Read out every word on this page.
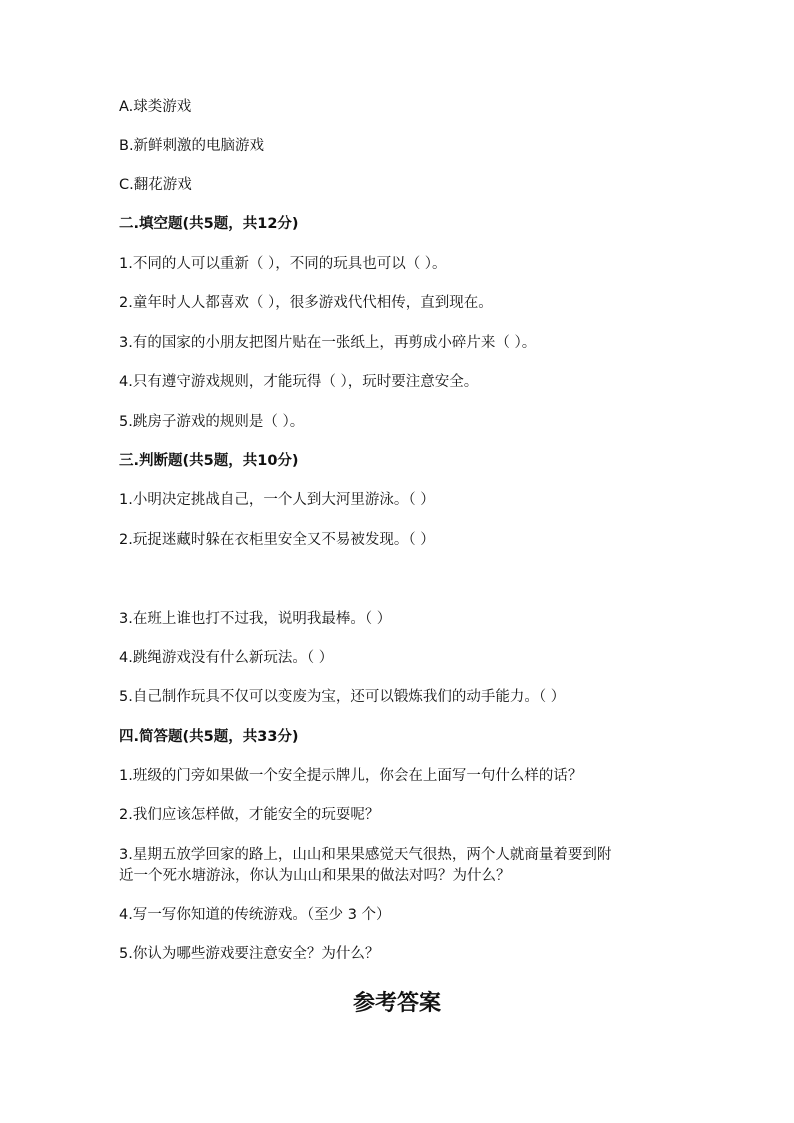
A.球类游戏
B.新鲜刺激的电脑游戏
C.翻花游戏
二.填空题(共5题，共12分)
1.不同的人可以重新（ ），不同的玩具也可以（ ）。
2.童年时人人都喜欢（ ），很多游戏代代相传，直到现在。
3.有的国家的小朋友把图片贴在一张纸上，再剪成小碎片来（ ）。
4.只有遵守游戏规则，才能玩得（ ），玩时要注意安全。
5.跳房子游戏的规则是（ ）。
三.判断题(共5题，共10分)
1.小明决定挑战自己，一个人到大河里游泳。（ ）
2.玩捉迷藏时躲在衣柜里安全又不易被发现。（ ）
3.在班上谁也打不过我，说明我最棒。（ ）
4.跳绳游戏没有什么新玩法。（ ）
5.自己制作玩具不仅可以变废为宝，还可以锻炼我们的动手能力。（ ）
四.简答题(共5题，共33分)
1.班级的门旁如果做一个安全提示牌儿，你会在上面写一句什么样的话？
2.我们应该怎样做，才能安全的玩耍呢？
3.星期五放学回家的路上，山山和果果感觉天气很热，两个人就商量着要到附
近一个死水塘游泳，你认为山山和果果的做法对吗？为什么？
4.写一写你知道的传统游戏。（至少 3 个）
5.你认为哪些游戏要注意安全？为什么？
参考答案
